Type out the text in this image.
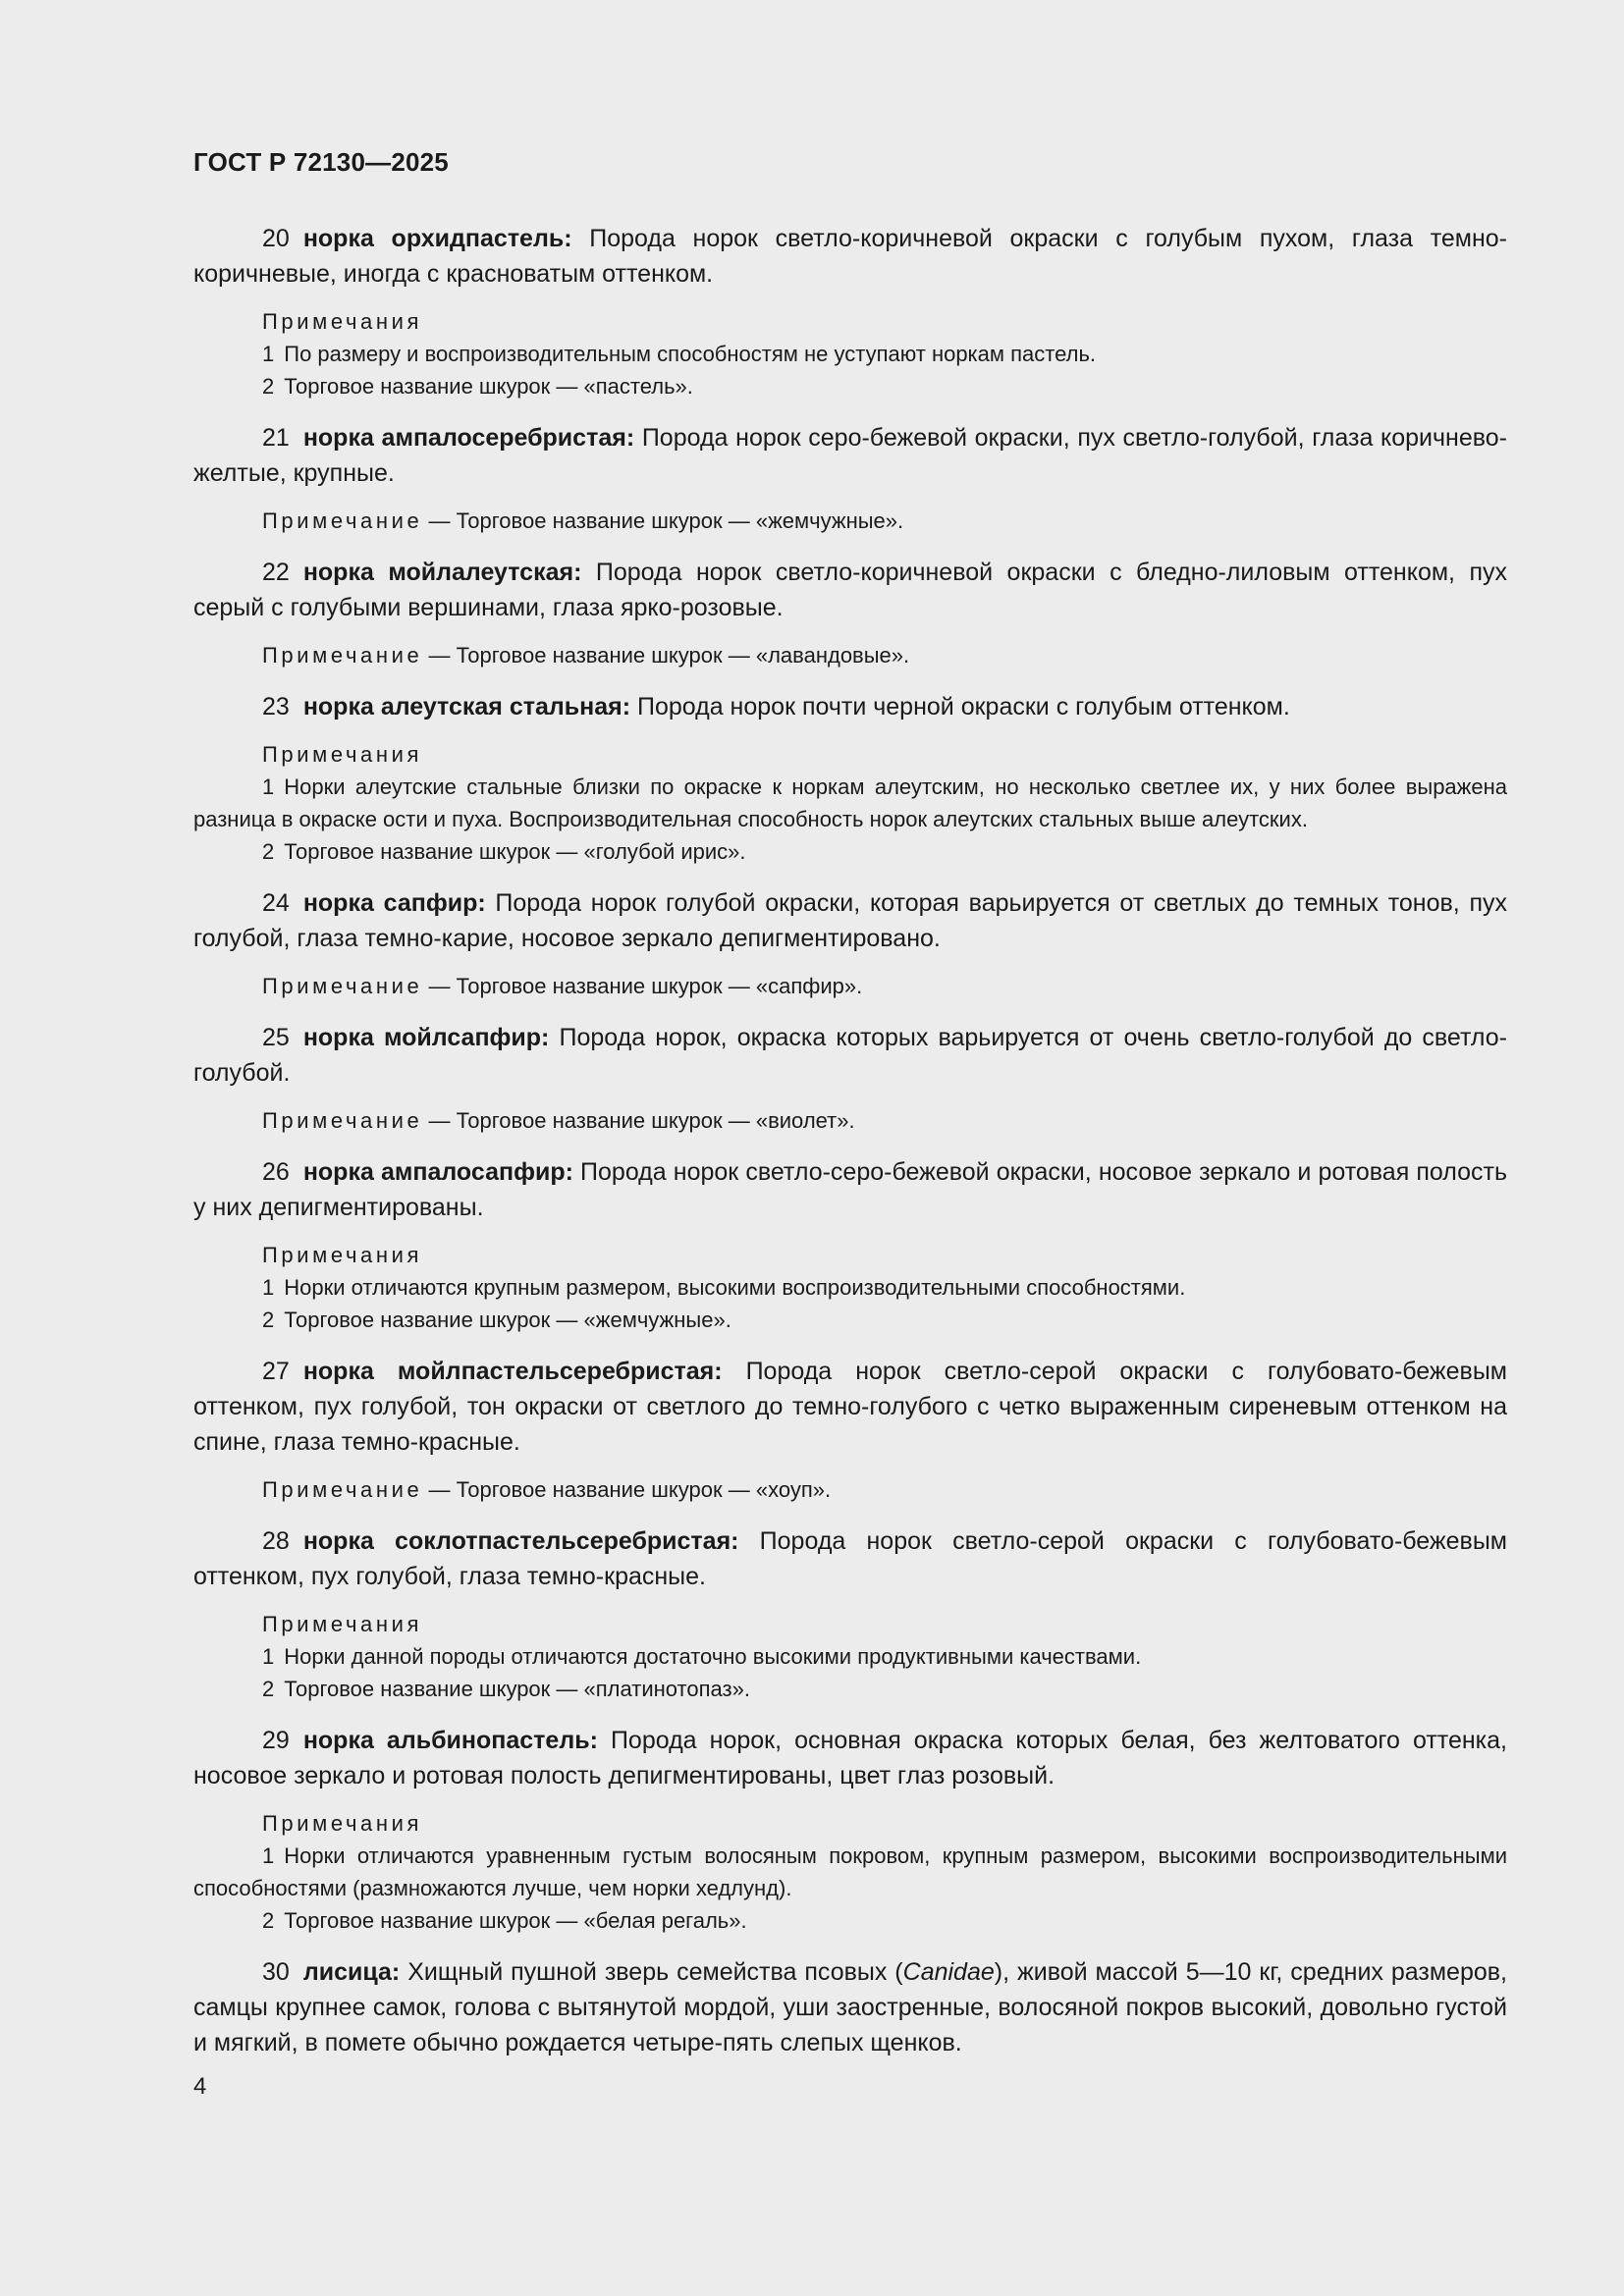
ГОСТ Р 72130—2025

20 норка орхидпастель: Порода норок светло-коричневой окраски с голубым пухом, глаза темно-коричневые, иногда с красноватым оттенком.

Примечания
1 По размеру и воспроизводительным способностям не уступают норкам пастель.
2 Торговое название шкурок — «пастель».

21 норка ампалосеребристая: Порода норок серо-бежевой окраски, пух светло-голубой, глаза коричнево-желтые, крупные.

Примечание — Торговое название шкурок — «жемчужные».

22 норка мойлалеутская: Порода норок светло-коричневой окраски с бледно-лиловым оттенком, пух серый с голубыми вершинами, глаза ярко-розовые.

Примечание — Торговое название шкурок — «лавандовые».

23 норка алеутская стальная: Порода норок почти черной окраски с голубым оттенком.

Примечания
1 Норки алеутские стальные близки по окраске к норкам алеутским, но несколько светлее их, у них более выражена разница в окраске ости и пуха. Воспроизводительная способность норок алеутских стальных выше алеутских.
2 Торговое название шкурок — «голубой ирис».

24 норка сапфир: Порода норок голубой окраски, которая варьируется от светлых до темных тонов, пух голубой, глаза темно-карие, носовое зеркало депигментировано.

Примечание — Торговое название шкурок — «сапфир».

25 норка мойлсапфир: Порода норок, окраска которых варьируется от очень светло-голубой до светло-голубой.

Примечание — Торговое название шкурок — «виолет».

26 норка ампалосапфир: Порода норок светло-серо-бежевой окраски, носовое зеркало и ротовая полость у них депигментированы.

Примечания
1 Норки отличаются крупным размером, высокими воспроизводительными способностями.
2 Торговое название шкурок — «жемчужные».

27 норка мойлпастельсеребристая: Порода норок светло-серой окраски с голубовато-бежевым оттенком, пух голубой, тон окраски от светлого до темно-голубого с четко выраженным сиреневым оттенком на спине, глаза темно-красные.

Примечание — Торговое название шкурок — «хоуп».

28 норка соклотпастельсеребристая: Порода норок светло-серой окраски с голубовато-бежевым оттенком, пух голубой, глаза темно-красные.

Примечания
1 Норки данной породы отличаются достаточно высокими продуктивными качествами.
2 Торговое название шкурок — «платинотопаз».

29 норка альбинопастель: Порода норок, основная окраска которых белая, без желтоватого оттенка, носовое зеркало и ротовая полость депигментированы, цвет глаз розовый.

Примечания
1 Норки отличаются уравненным густым волосяным покровом, крупным размером, высокими воспроизводительными способностями (размножаются лучше, чем норки хедлунд).
2 Торговое название шкурок — «белая регаль».

30 лисица: Хищный пушной зверь семейства псовых (Canidae), живой массой 5—10 кг, средних размеров, самцы крупнее самок, голова с вытянутой мордой, уши заостренные, волосяной покров высокий, довольно густой и мягкий, в помете обычно рождается четыре-пять слепых щенков.

4
